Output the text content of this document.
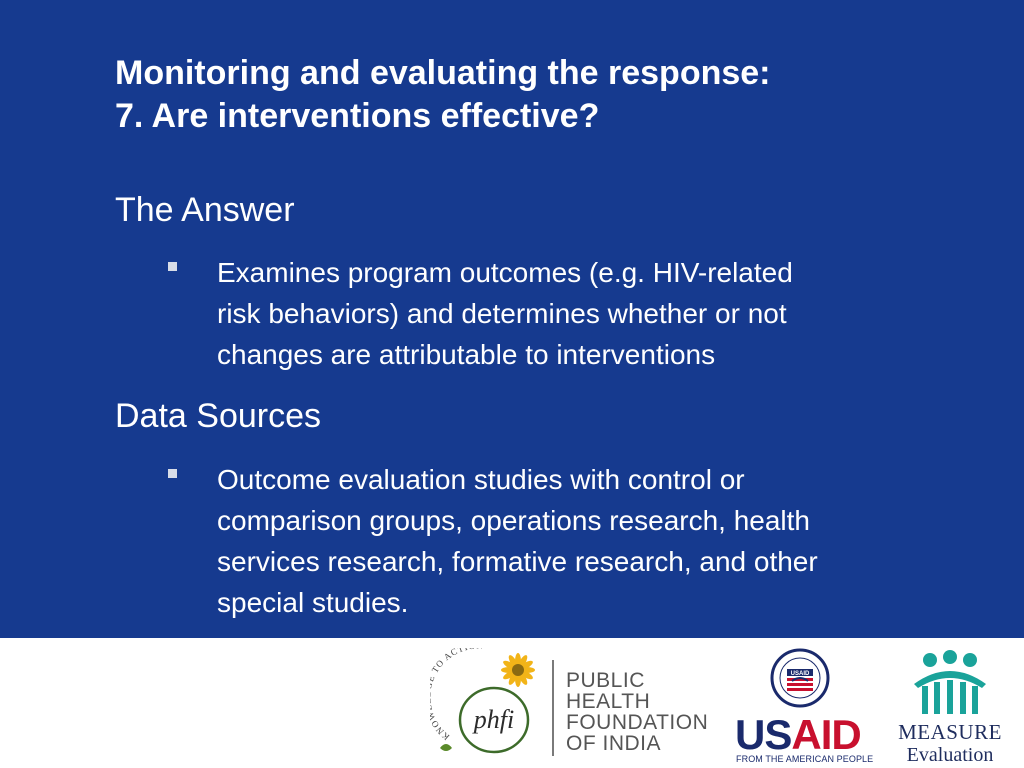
Monitoring and evaluating the response:
7. Are interventions effective?
The Answer
Examines program outcomes (e.g. HIV-related
risk behaviors) and determines whether or not
changes are attributable to interventions
Data Sources
Outcome evaluation studies with control or
comparison groups, operations research, health
services research, formative research, and other
special studies.
KN TO ACT
phfi
PUBLIC
HEALTH
FOUNDATION
OF INDIA
USAID
USAID
FROM THE AMERICAN PEOPLE
MEASURE
Evaluation
